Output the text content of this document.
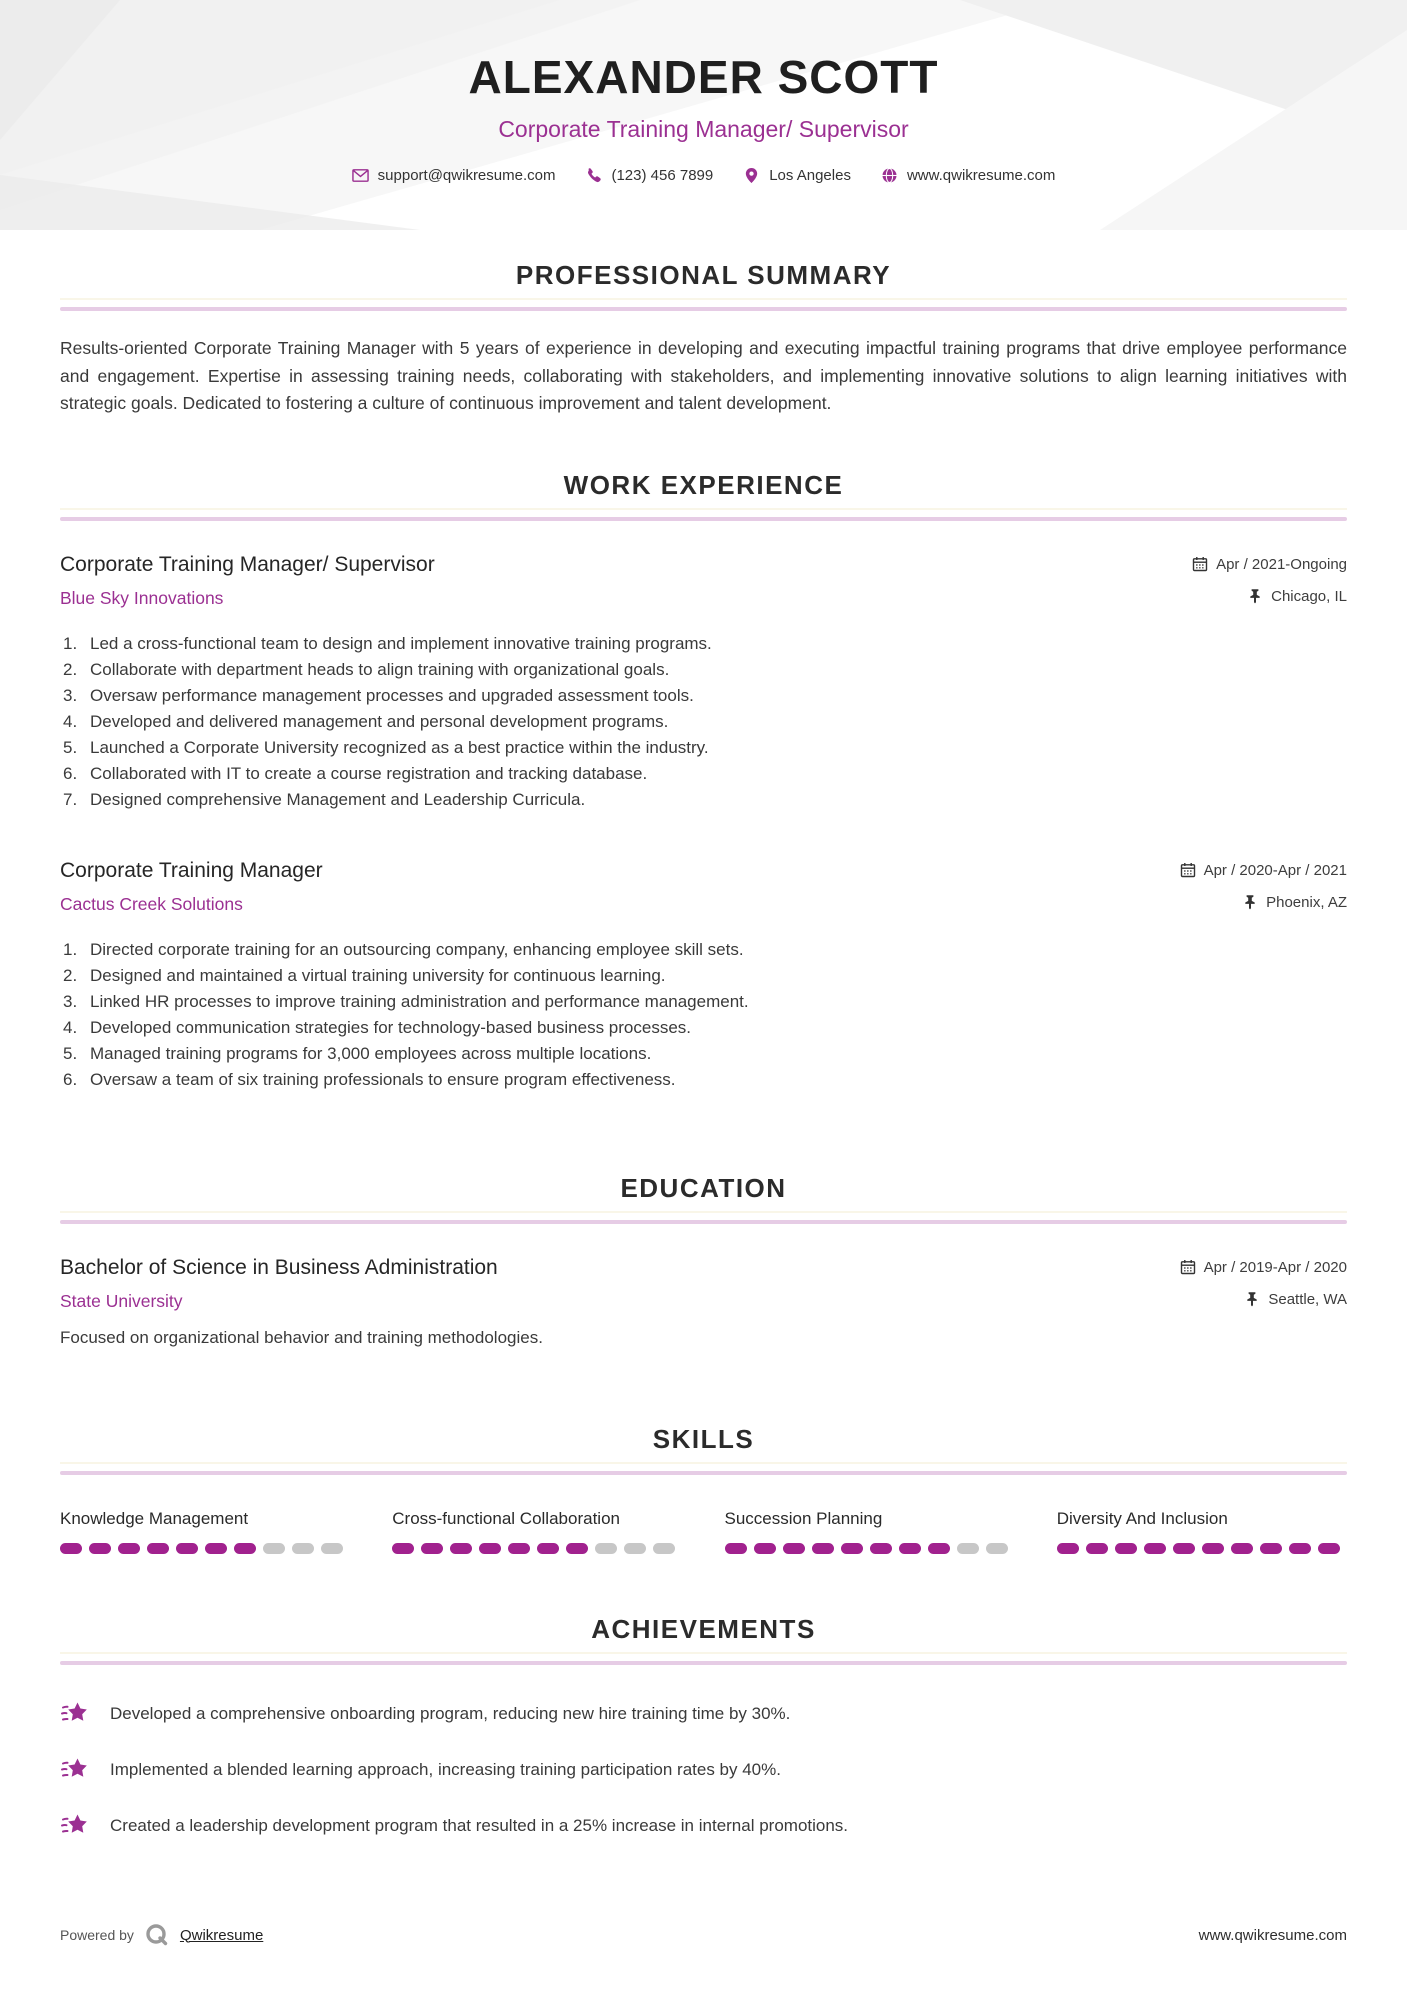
ALEXANDER SCOTT
Corporate Training Manager/ Supervisor
support@qwikresume.com	(123) 456 7899	Los Angeles	www.qwikresume.com
PROFESSIONAL SUMMARY

Results-oriented Corporate Training Manager with 5 years of experience in developing and executing impactful training programs that drive employee performance and engagement. Expertise in assessing training needs, collaborating with stakeholders, and implementing innovative solutions to align learning initiatives with strategic goals. Dedicated to fostering a culture of continuous improvement and talent development.

WORK EXPERIENCE
Corporate Training Manager/ Supervisor
Blue Sky Innovations
Apr / 2021-Ongoing
Chicago, IL
1. Led a cross-functional team to design and implement innovative training programs.
2. Collaborate with department heads to align training with organizational goals.
3. Oversaw performance management processes and upgraded assessment tools.
4. Developed and delivered management and personal development programs.
5. Launched a Corporate University recognized as a best practice within the industry.
6. Collaborated with IT to create a course registration and tracking database.
7. Designed comprehensive Management and Leadership Curricula.
Corporate Training Manager
Cactus Creek Solutions
Apr / 2020-Apr / 2021
Phoenix, AZ
1. Directed corporate training for an outsourcing company, enhancing employee skill sets.
2. Designed and maintained a virtual training university for continuous learning.
3. Linked HR processes to improve training administration and performance management.
4. Developed communication strategies for technology-based business processes.
5. Managed training programs for 3,000 employees across multiple locations.
6. Oversaw a team of six training professionals to ensure program effectiveness.
EDUCATION
Bachelor of Science in Business Administration
State University
Apr / 2019-Apr / 2020
Seattle, WA

Focused on organizational behavior and training methodologies.

SKILLS
Knowledge Management	Cross-functional Collaboration	Succession Planning	Diversity And Inclusion
ACHIEVEMENTS
Developed a comprehensive onboarding program, reducing new hire training time by 30%.
Implemented a blended learning approach, increasing training participation rates by 40%.
Created a leadership development program that resulted in a 25% increase in internal promotions.
Powered by	Qwikresume	www.qwikresume.com
